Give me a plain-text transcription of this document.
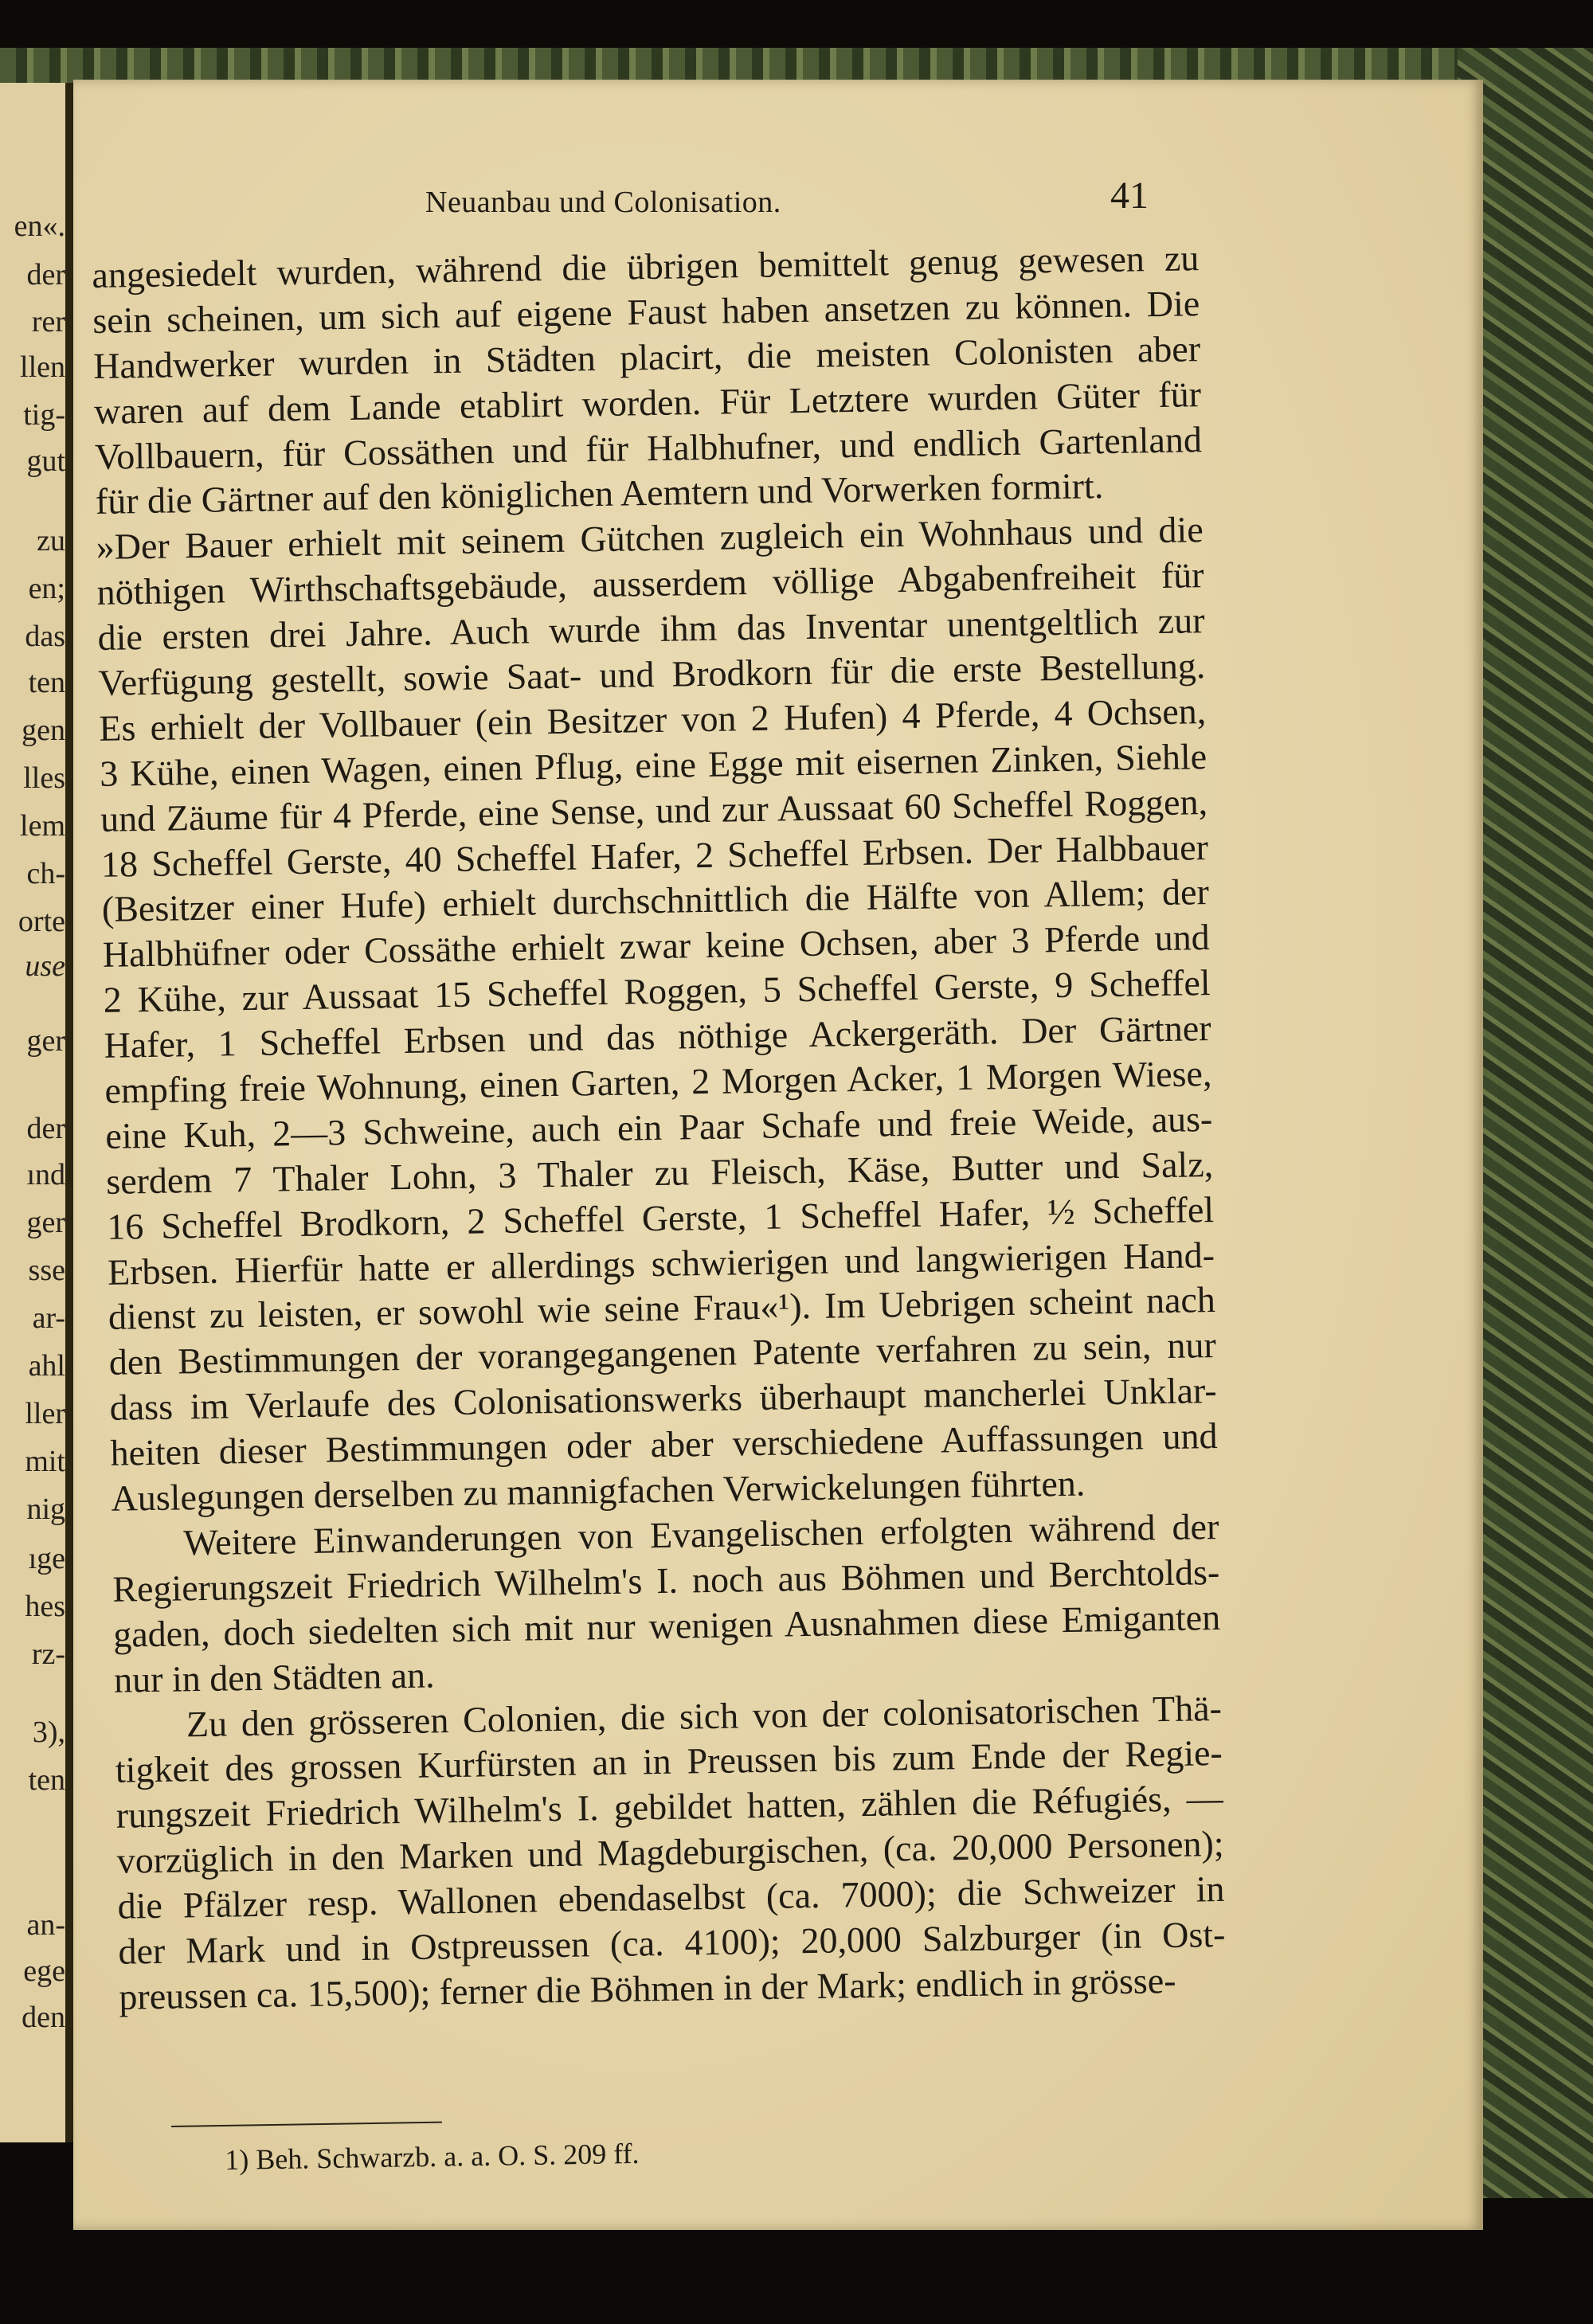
en«.
der
rer
llen
tig-
gut
zu
en;
das
ten
gen
lles
lem
ch-
orte
use
ger
der
ınd
ger
sse
ar-
ahl
ller
mit
nig
ıge
hes
rz-
3),
ten
an-
ege
den
Neuanbau und Colonisation.	41
angesiedelt wurden, während die übrigen bemittelt genug gewesen zu
sein scheinen, um sich auf eigene Faust haben ansetzen zu können. Die
Handwerker wurden in Städten placirt, die meisten Colonisten aber
waren auf dem Lande etablirt worden. Für Letztere wurden Güter für
Vollbauern, für Cossäthen und für Halbhufner, und endlich Gartenland
für die Gärtner auf den königlichen Aemtern und Vorwerken formirt.
»Der Bauer erhielt mit seinem Gütchen zugleich ein Wohnhaus und die
nöthigen Wirthschaftsgebäude, ausserdem völlige Abgabenfreiheit für
die ersten drei Jahre. Auch wurde ihm das Inventar unentgeltlich zur
Verfügung gestellt, sowie Saat- und Brodkorn für die erste Bestellung.
Es erhielt der Vollbauer (ein Besitzer von 2 Hufen) 4 Pferde, 4 Ochsen,
3 Kühe, einen Wagen, einen Pflug, eine Egge mit eisernen Zinken, Siehle
und Zäume für 4 Pferde, eine Sense, und zur Aussaat 60 Scheffel Roggen,
18 Scheffel Gerste, 40 Scheffel Hafer, 2 Scheffel Erbsen. Der Halbbauer
(Besitzer einer Hufe) erhielt durchschnittlich die Hälfte von Allem; der
Halbhüfner oder Cossäthe erhielt zwar keine Ochsen, aber 3 Pferde und
2 Kühe, zur Aussaat 15 Scheffel Roggen, 5 Scheffel Gerste, 9 Scheffel
Hafer, 1 Scheffel Erbsen und das nöthige Ackergeräth. Der Gärtner
empfing freie Wohnung, einen Garten, 2 Morgen Acker, 1 Morgen Wiese,
eine Kuh, 2—3 Schweine, auch ein Paar Schafe und freie Weide, aus-
serdem 7 Thaler Lohn, 3 Thaler zu Fleisch, Käse, Butter und Salz,
16 Scheffel Brodkorn, 2 Scheffel Gerste, 1 Scheffel Hafer, ½ Scheffel
Erbsen. Hierfür hatte er allerdings schwierigen und langwierigen Hand-
dienst zu leisten, er sowohl wie seine Frau«¹). Im Uebrigen scheint nach
den Bestimmungen der vorangegangenen Patente verfahren zu sein, nur
dass im Verlaufe des Colonisationswerks überhaupt mancherlei Unklar-
heiten dieser Bestimmungen oder aber verschiedene Auffassungen und
Auslegungen derselben zu mannigfachen Verwickelungen führten.
Weitere Einwanderungen von Evangelischen erfolgten während der
Regierungszeit Friedrich Wilhelm's I. noch aus Böhmen und Berchtolds-
gaden, doch siedelten sich mit nur wenigen Ausnahmen diese Emiganten
nur in den Städten an.
Zu den grösseren Colonien, die sich von der colonisatorischen Thä-
tigkeit des grossen Kurfürsten an in Preussen bis zum Ende der Regie-
rungszeit Friedrich Wilhelm's I. gebildet hatten, zählen die Réfugiés, —
vorzüglich in den Marken und Magdeburgischen, (ca. 20,000 Personen);
die Pfälzer resp. Wallonen ebendaselbst (ca. 7000); die Schweizer in
der Mark und in Ostpreussen (ca. 4100); 20,000 Salzburger (in Ost-
preussen ca. 15,500); ferner die Böhmen in der Mark; endlich in grösse-
1) Beh. Schwarzb. a. a. O. S. 209 ff.
